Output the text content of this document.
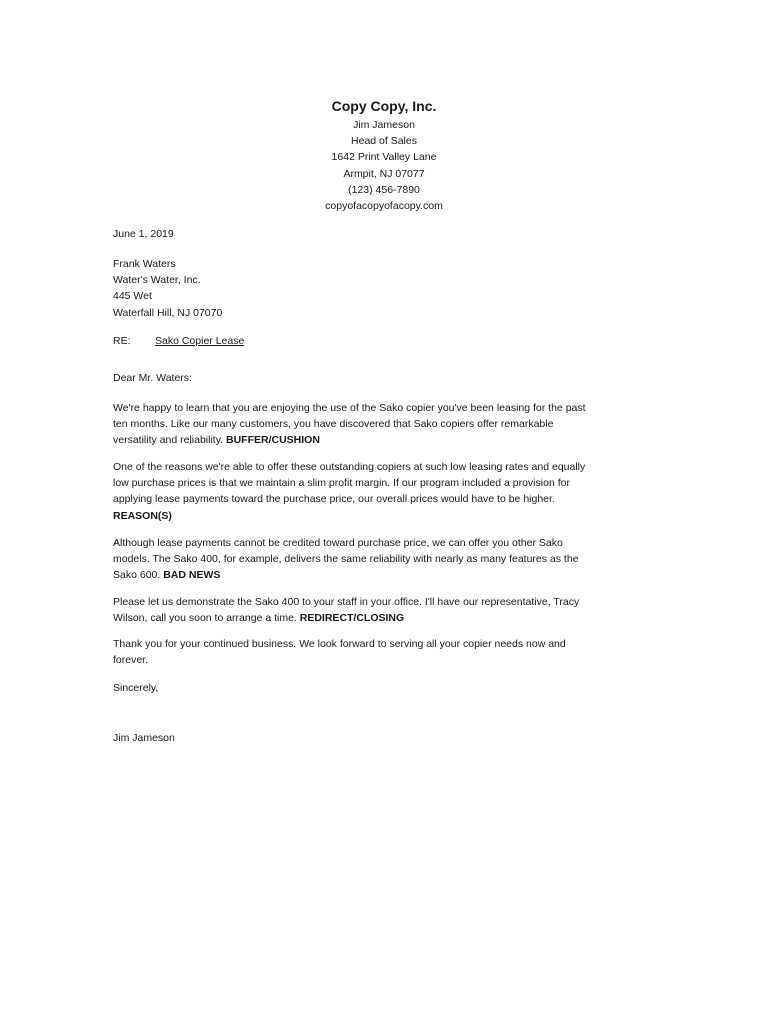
Copy Copy, Inc.
Jim Jameson
Head of Sales
1642 Print Valley Lane
Armpit, NJ 07077
(123) 456-7890
copyofacopyofacopy.com
June 1, 2019
Frank Waters
Water's Water, Inc.
445 Wet
Waterfall Hill, NJ 07070
RE: Sako Copier Lease
Dear Mr. Waters:
We're happy to learn that you are enjoying the use of the Sako copier you've been leasing for the past
ten months. Like our many customers, you have discovered that Sako copiers offer remarkable
versatility and reliability. BUFFER/CUSHION
One of the reasons we're able to offer these outstanding copiers at such low leasing rates and equally
low purchase prices is that we maintain a slim profit margin. If our program included a provision for
applying lease payments toward the purchase price, our overall prices would have to be higher.
REASON(S)
Although lease payments cannot be credited toward purchase price, we can offer you other Sako
models. The Sako 400, for example, delivers the same reliability with nearly as many features as the
Sako 600. BAD NEWS
Please let us demonstrate the Sako 400 to your staff in your office. I'll have our representative, Tracy
Wilson, call you soon to arrange a time. REDIRECT/CLOSING
Thank you for your continued business. We look forward to serving all your copier needs now and
forever.
Sincerely,
Jim Jameson
